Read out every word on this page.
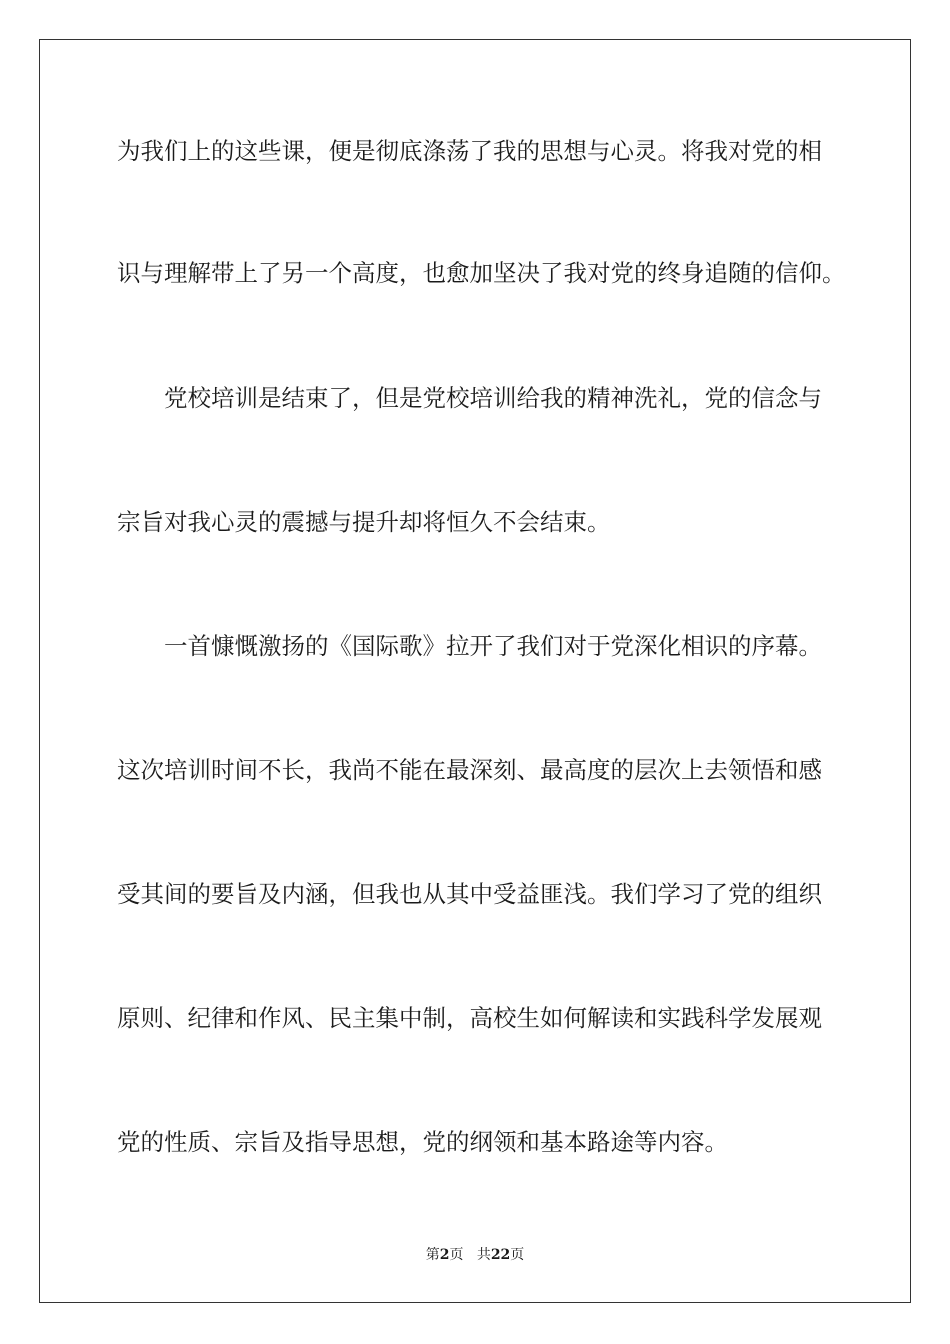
为我们上的这些课，便是彻底涤荡了我的思想与心灵。将我对党的相
识与理解带上了另一个高度，也愈加坚决了我对党的终身追随的信仰。
　　党校培训是结束了，但是党校培训给我的精神洗礼，党的信念与
宗旨对我心灵的震撼与提升却将恒久不会结束。
　　一首慷慨激扬的《国际歌》拉开了我们对于党深化相识的序幕。
这次培训时间不长，我尚不能在最深刻、最高度的层次上去领悟和感
受其间的要旨及内涵，但我也从其中受益匪浅。我们学习了党的组织
原则、纪律和作风、民主集中制，高校生如何解读和实践科学发展观
党的性质、宗旨及指导思想，党的纲领和基本路途等内容。
第2页 共22页
